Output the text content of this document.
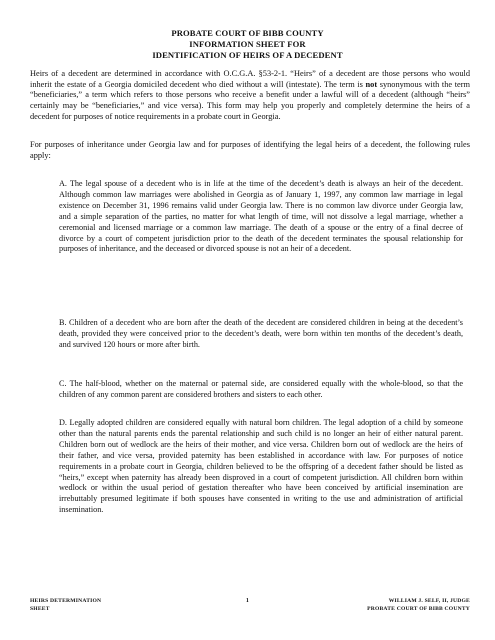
PROBATE COURT OF BIBB COUNTY
INFORMATION SHEET FOR
IDENTIFICATION OF HEIRS OF A DECEDENT

Heirs of a decedent are determined in accordance with O.C.G.A. §53-2-1. “Heirs” of a decedent are those persons who would inherit the estate of a Georgia domiciled decedent who died without a will (intestate). The term is not synonymous with the term “beneficiaries,” a term which refers to those persons who receive a benefit under a lawful will of a decedent (although “heirs” certainly may be “beneficiaries,” and vice versa). This form may help you properly and completely determine the heirs of a decedent for purposes of notice requirements in a probate court in Georgia.

For purposes of inheritance under Georgia law and for purposes of identifying the legal heirs of a decedent, the following rules apply:

A. The legal spouse of a decedent who is in life at the time of the decedent’s death is always an heir of the decedent. Although common law marriages were abolished in Georgia as of January 1, 1997, any common law marriage in legal existence on December 31, 1996 remains valid under Georgia law. There is no common law divorce under Georgia law, and a simple separation of the parties, no matter for what length of time, will not dissolve a legal marriage, whether a ceremonial and licensed marriage or a common law marriage. The death of a spouse or the entry of a final decree of divorce by a court of competent jurisdiction prior to the death of the decedent terminates the spousal relationship for purposes of inheritance, and the deceased or divorced spouse is not an heir of a decedent.

B. Children of a decedent who are born after the death of the decedent are considered children in being at the decedent’s death, provided they were conceived prior to the decedent’s death, were born within ten months of the decedent’s death, and survived 120 hours or more after birth.

C. The half-blood, whether on the maternal or paternal side, are considered equally with the whole-blood, so that the children of any common parent are considered brothers and sisters to each other.

D. Legally adopted children are considered equally with natural born children. The legal adoption of a child by someone other than the natural parents ends the parental relationship and such child is no longer an heir of either natural parent. Children born out of wedlock are the heirs of their mother, and vice versa. Children born out of wedlock are the heirs of their father, and vice versa, provided paternity has been established in accordance with law. For purposes of notice requirements in a probate court in Georgia, children believed to be the offspring of a decedent father should be listed as “heirs,” except when paternity has already been disproved in a court of competent jurisdiction. All children born within wedlock or within the usual period of gestation thereafter who have been conceived by artificial insemination are irrebuttably presumed legitimate if both spouses have consented in writing to the use and administration of artificial insemination.

HEIRS DETERMINATION
SHEET
1	WILLIAM J. SELF, II, JUDGE
PROBATE COURT OF BIBB COUNTY
